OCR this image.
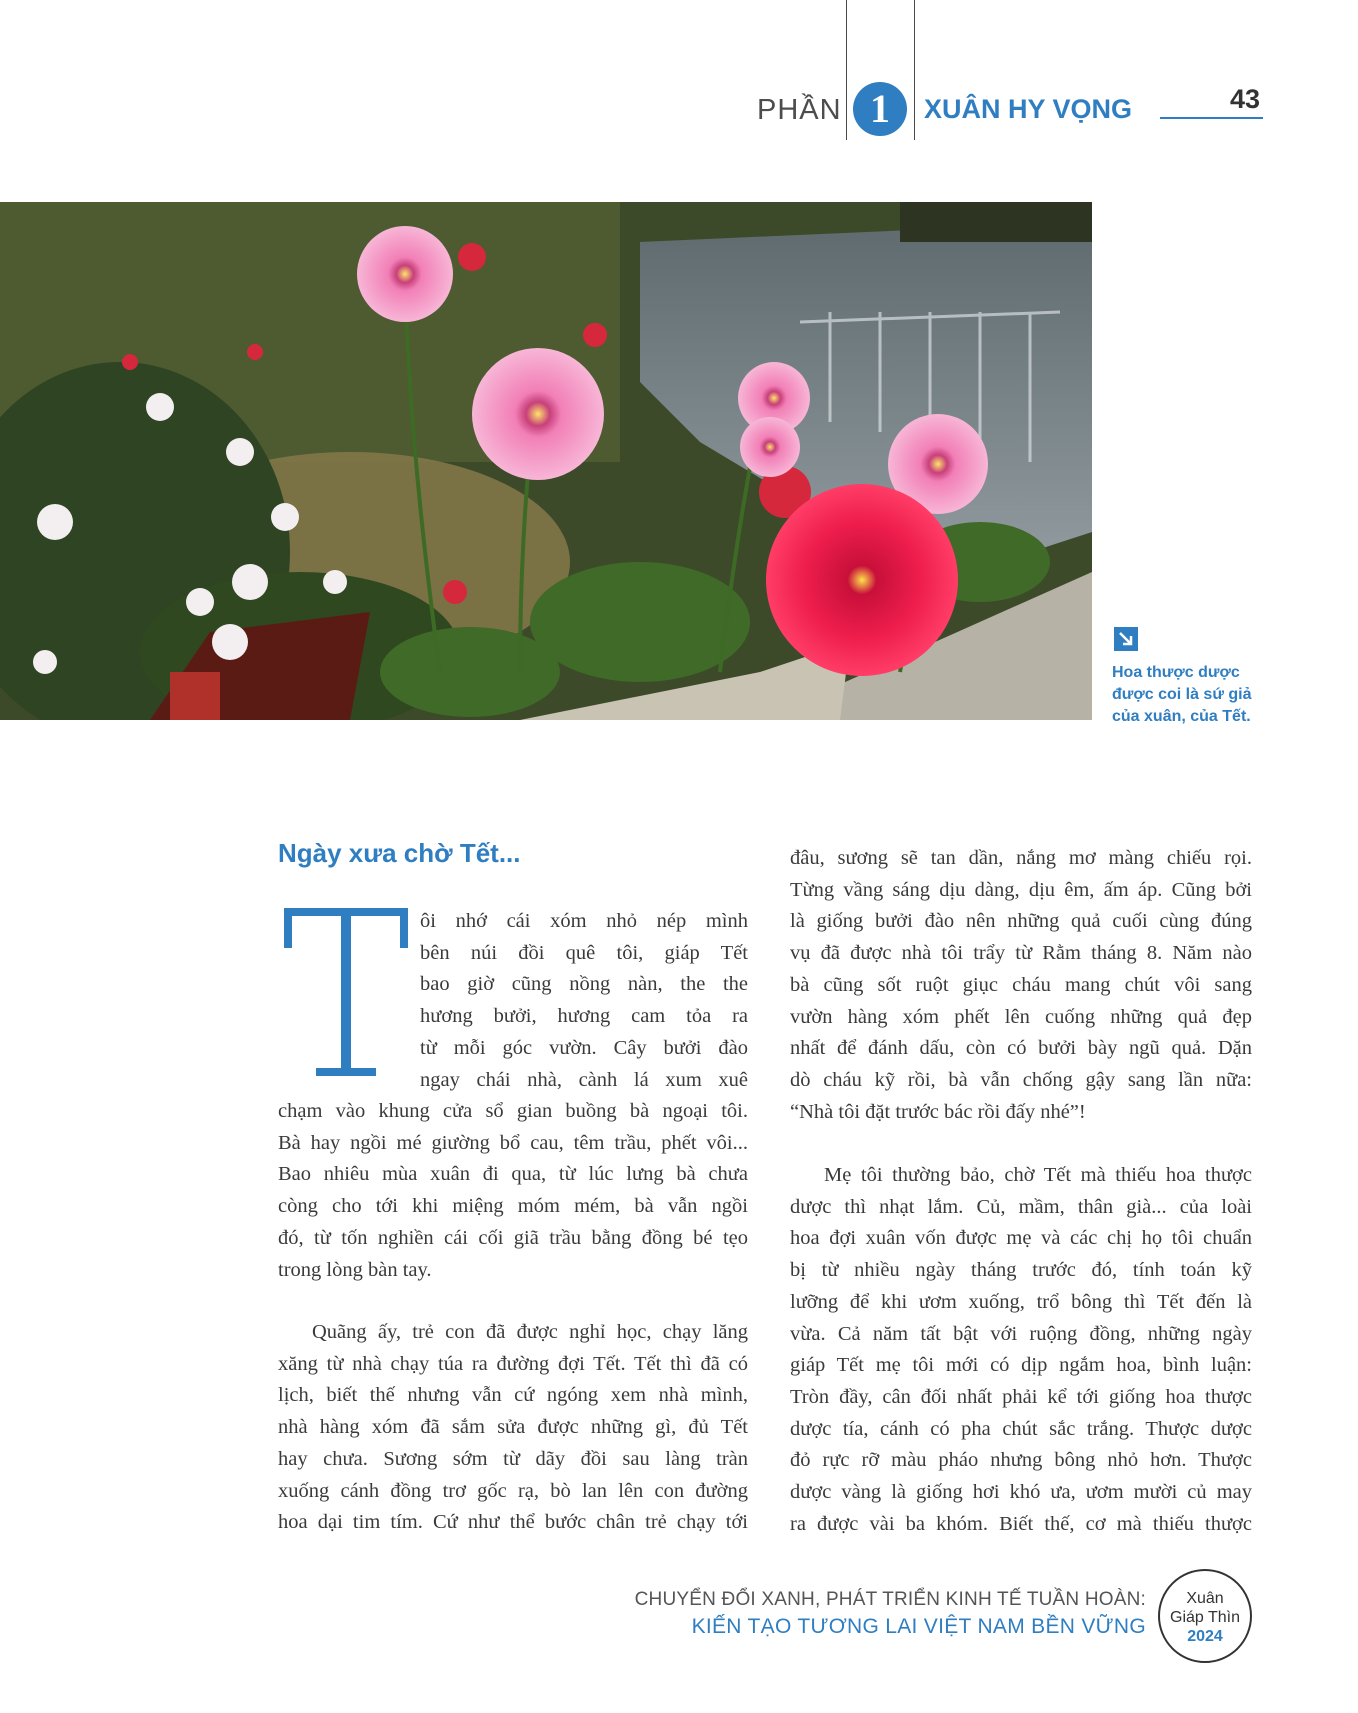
PHẦN 1	XUÂN HY VỌNG	43
Hoa thược dược
được coi là sứ giả
của xuân, của Tết.
Ngày xưa chờ Tết...
ôi nhớ cái xóm nhỏ nép mình
bên núi đồi quê tôi, giáp Tết
bao giờ cũng nồng nàn, the the
hương bưởi, hương cam tỏa ra
từ mỗi góc vườn. Cây bưởi đào
ngay chái nhà, cành lá xum xuê
chạm vào khung cửa sổ gian buồng bà ngoại tôi.
Bà hay ngồi mé giường bổ cau, têm trầu, phết vôi...
Bao nhiêu mùa xuân đi qua, từ lúc lưng bà chưa
còng cho tới khi miệng móm mém, bà vẫn ngồi
đó, từ tốn nghiền cái cối giã trầu bằng đồng bé tẹo
trong lòng bàn tay.
Quãng ấy, trẻ con đã được nghỉ học, chạy lăng
xăng từ nhà chạy túa ra đường đợi Tết. Tết thì đã có
lịch, biết thế nhưng vẫn cứ ngóng xem nhà mình,
nhà hàng xóm đã sắm sửa được những gì, đủ Tết
hay chưa. Sương sớm từ dãy đồi sau làng tràn
xuống cánh đồng trơ gốc rạ, bò lan lên con đường
hoa dại tim tím. Cứ như thể bước chân trẻ chạy tới
đâu, sương sẽ tan dần, nắng mơ màng chiếu rọi.
Từng vầng sáng dịu dàng, dịu êm, ấm áp. Cũng bởi
là giống bưởi đào nên những quả cuối cùng đúng
vụ đã được nhà tôi trẩy từ Rằm tháng 8. Năm nào
bà cũng sốt ruột giục cháu mang chút vôi sang
vườn hàng xóm phết lên cuống những quả đẹp
nhất để đánh dấu, còn có bưởi bày ngũ quả. Dặn
dò cháu kỹ rồi, bà vẫn chống gậy sang lần nữa:
“Nhà tôi đặt trước bác rồi đấy nhé”!
Mẹ tôi thường bảo, chờ Tết mà thiếu hoa thược
dược thì nhạt lắm. Củ, mầm, thân già... của loài
hoa đợi xuân vốn được mẹ và các chị họ tôi chuẩn
bị từ nhiều ngày tháng trước đó, tính toán kỹ
lưỡng để khi ươm xuống, trổ bông thì Tết đến là
vừa. Cả năm tất bật với ruộng đồng, những ngày
giáp Tết mẹ tôi mới có dịp ngắm hoa, bình luận:
Tròn đầy, cân đối nhất phải kể tới giống hoa thược
dược tía, cánh có pha chút sắc trắng. Thược dược
đỏ rực rỡ màu pháo nhưng bông nhỏ hơn. Thược
dược vàng là giống hơi khó ưa, ươm mười củ may
ra được vài ba khóm. Biết thế, cơ mà thiếu thược
CHUYỂN ĐỔI XANH, PHÁT TRIỂN KINH TẾ TUẦN HOÀN:
KIẾN TẠO TƯƠNG LAI VIỆT NAM BỀN VỮNG
Xuân
Giáp Thìn
2024
